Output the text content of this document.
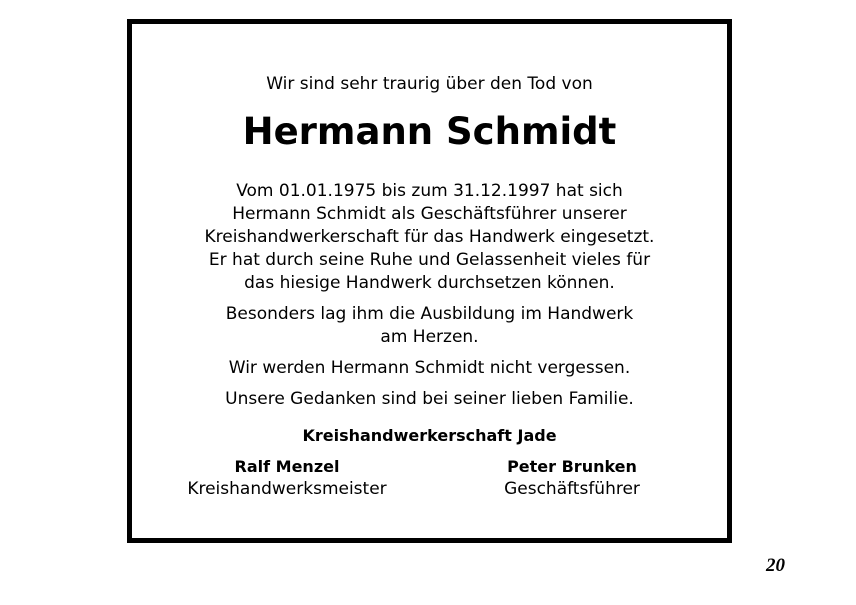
Wir sind sehr traurig über den Tod von
Hermann Schmidt

Vom 01.01.1975 bis zum 31.12.1997 hat sich
Hermann Schmidt als Geschäftsführer unserer
Kreishandwerkerschaft für das Handwerk eingesetzt.
Er hat durch seine Ruhe und Gelassenheit vieles für
das hiesige Handwerk durchsetzen können.

Besonders lag ihm die Ausbildung im Handwerk
am Herzen.

Wir werden Hermann Schmidt nicht vergessen.

Unsere Gedanken sind bei seiner lieben Familie.

Kreishandwerkerschaft Jade
Ralf Menzel
Kreishandwerksmeister
Peter Brunken
Geschäftsführer
20
